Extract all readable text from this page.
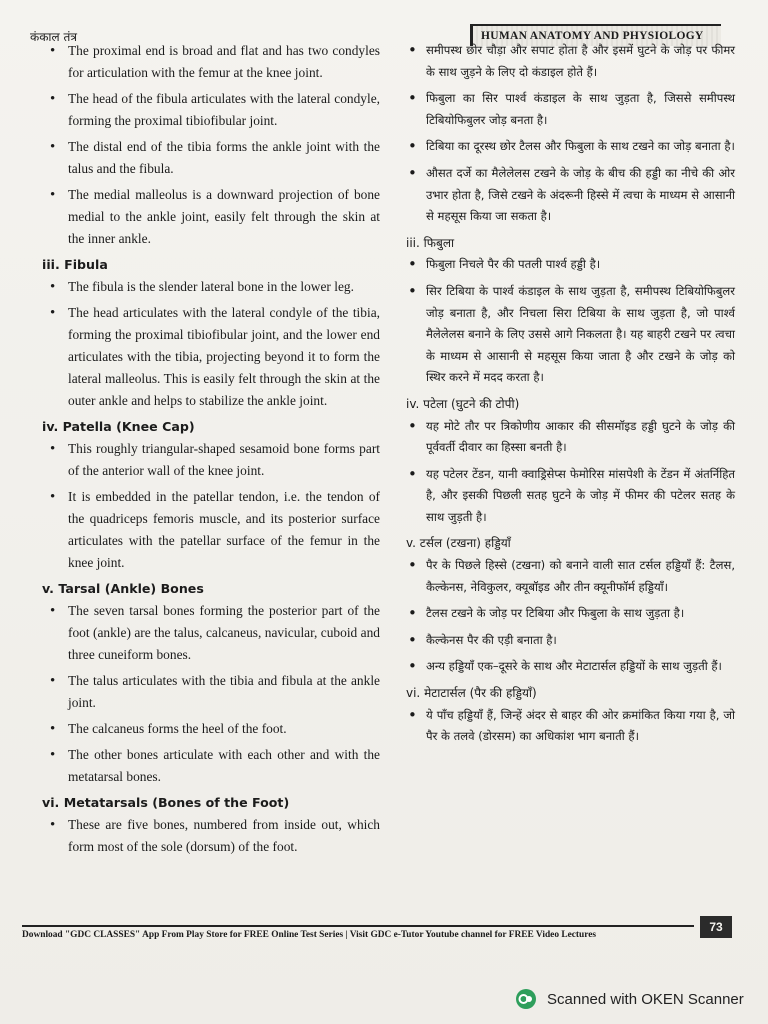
कंकाल तंत्र	HUMAN ANATOMY AND PHYSIOLOGY
• The proximal end is broad and flat and has two condyles for articulation with the femur at the knee joint.
• The head of the fibula articulates with the lateral condyle, forming the proximal tibiofibular joint.
• The distal end of the tibia forms the ankle joint with the talus and the fibula.
• The medial malleolus is a downward projection of bone medial to the ankle joint, easily felt through the skin at the inner ankle.

iii. Fibula

• The fibula is the slender lateral bone in the lower leg.
• The head articulates with the lateral condyle of the tibia, forming the proximal tibiofibular joint, and the lower end articulates with the tibia, projecting beyond it to form the lateral malleolus. This is easily felt through the skin at the outer ankle and helps to stabilize the ankle joint.

iv. Patella (Knee Cap)

• This roughly triangular-shaped sesamoid bone forms part of the anterior wall of the knee joint.
• It is embedded in the patellar tendon, i.e. the tendon of the quadriceps femoris muscle, and its posterior surface articulates with the patellar surface of the femur in the knee joint.

v. Tarsal (Ankle) Bones

• The seven tarsal bones forming the posterior part of the foot (ankle) are the talus, calcaneus, navicular, cuboid and three cuneiform bones.
• The talus articulates with the tibia and fibula at the ankle joint.
• The calcaneus forms the heel of the foot.
• The other bones articulate with each other and with the metatarsal bones.

vi. Metatarsals (Bones of the Foot)

• These are five bones, numbered from inside out, which form most of the sole (dorsum) of the foot.
• समीपस्थ छोर चौड़ा और सपाट होता है और इसमें घुटने के जोड़ पर फीमर के साथ जुड़ने के लिए दो कंडाइल होते हैं।
• फिबुला का सिर पार्श्व कंडाइल के साथ जुड़ता है, जिससे समीपस्थ टिबियोफिबुलर जोड़ बनता है।
• टिबिया का दूरस्थ छोर टैलस और फिबुला के साथ टखने का जोड़ बनाता है।
• औसत दर्जे का मैलेलेलस टखने के जोड़ के बीच की हड्डी का नीचे की ओर उभार होता है, जिसे टखने के अंदरूनी हिस्से में त्वचा के माध्यम से आसानी से महसूस किया जा सकता है।

iii. फिबुला

• फिबुला निचले पैर की पतली पार्श्व हड्डी है।
• सिर टिबिया के पार्श्व कंडाइल के साथ जुड़ता है, समीपस्थ टिबियोफिबुलर जोड़ बनाता है, और निचला सिरा टिबिया के साथ जुड़ता है, जो पार्श्व मैलेलेलस बनाने के लिए उससे आगे निकलता है। यह बाहरी टखने पर त्वचा के माध्यम से आसानी से महसूस किया जाता है और टखने के जोड़ को स्थिर करने में मदद करता है।

iv. पटेला (घुटने की टोपी)

• यह मोटे तौर पर त्रिकोणीय आकार की सीसमॉइड हड्डी घुटने के जोड़ की पूर्ववर्ती दीवार का हिस्सा बनती है।
• यह पटेलर टेंडन, यानी क्वाड्रिसेप्स फेमोरिस मांसपेशी के टेंडन में अंतर्निहित है, और इसकी पिछली सतह घुटने के जोड़ में फीमर की पटेलर सतह के साथ जुड़ती है।

v. टर्सल (टखना) हड्डियाँ

• पैर के पिछले हिस्से (टखना) को बनाने वाली सात टर्सल हड्डियाँ हैं: टैलस, कैल्केनस, नेविकुलर, क्यूबॉइड और तीन क्यूनीफॉर्म हड्डियाँ।
• टैलस टखने के जोड़ पर टिबिया और फिबुला के साथ जुड़ता है।
• कैल्केनस पैर की एड़ी बनाता है।
• अन्य हड्डियाँ एक–दूसरे के साथ और मेटाटार्सल हड्डियों के साथ जुड़ती हैं।

vi. मेटाटार्सल (पैर की हड्डियाँ)

• ये पाँच हड्डियाँ हैं, जिन्हें अंदर से बाहर की ओर क्रमांकित किया गया है, जो पैर के तलवे (डोरसम) का अधिकांश भाग बनाती हैं।
Download "GDC CLASSES" App From Play Store for FREE Online Test Series | Visit GDC e-Tutor Youtube channel for FREE Video Lectures
73
Scanned with OKEN Scanner
